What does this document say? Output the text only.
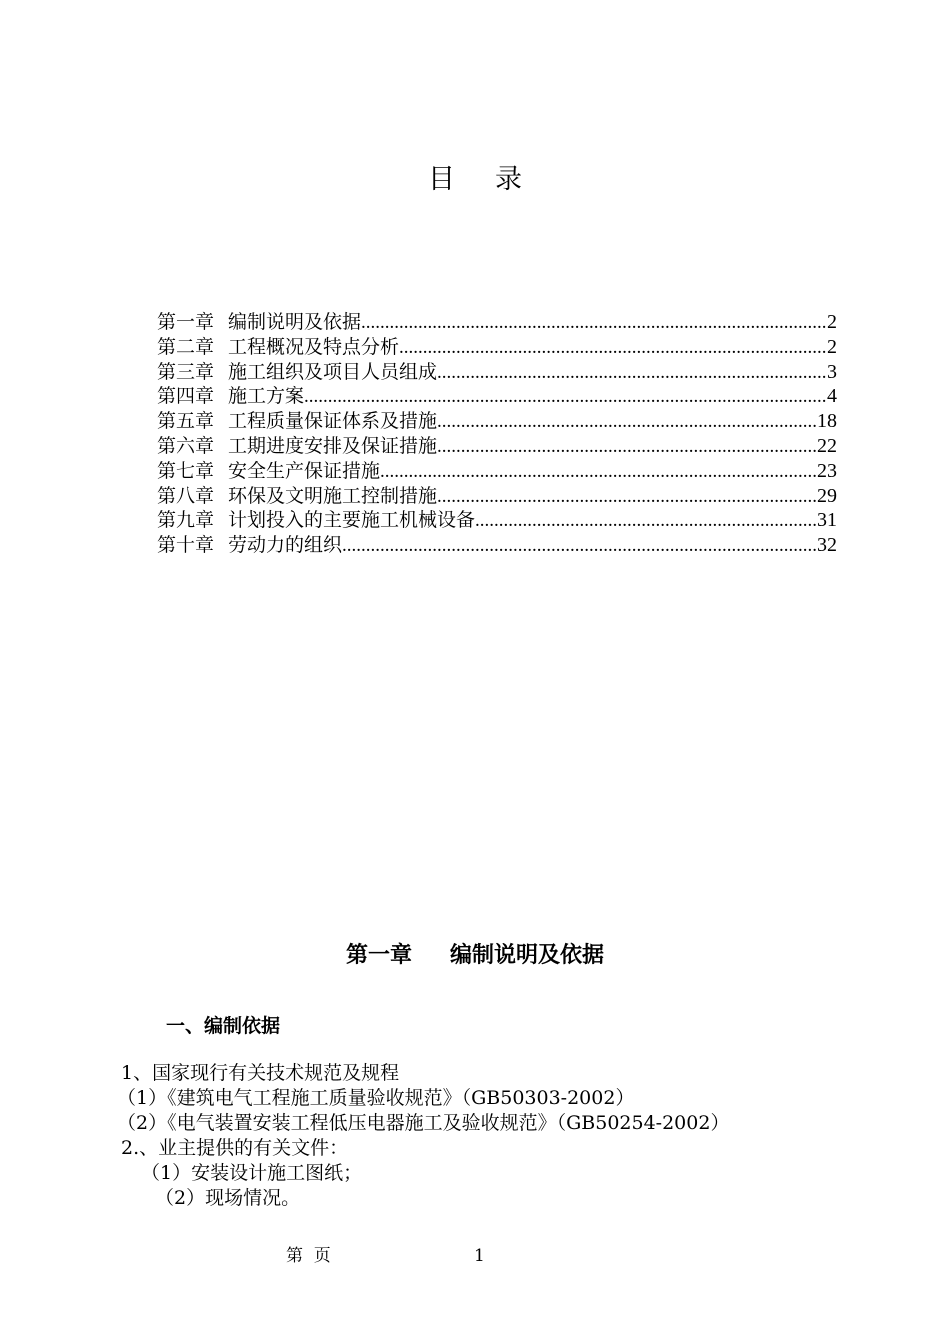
目录
第一章 编制说明及依据 .....	2
第二章 工程概况及特点分析 .....	2
第三章 施工组织及项目人员组成 .....	3
第四章 施工方案 .....	4
第五章 工程质量保证体系及措施 .....	18
第六章 工期进度安排及保证措施 .....	22
第七章 安全生产保证措施 .....	23
第八章 环保及文明施工控制措施 .....	29
第九章 计划投入的主要施工机械设备 .....	31
第十章 劳动力的组织 .....	32
第一章 编制说明及依据
一、编制依据
1、国家现行有关技术规范及规程
（1）《建筑电气工程施工质量验收规范》（GB50303-2002）
（2）《电气装置安装工程低压电器施工及验收规范》（GB50254-2002）
2.、业主提供的有关文件：
（1）安装设计施工图纸；
（2）现场情况。
第  页	1
